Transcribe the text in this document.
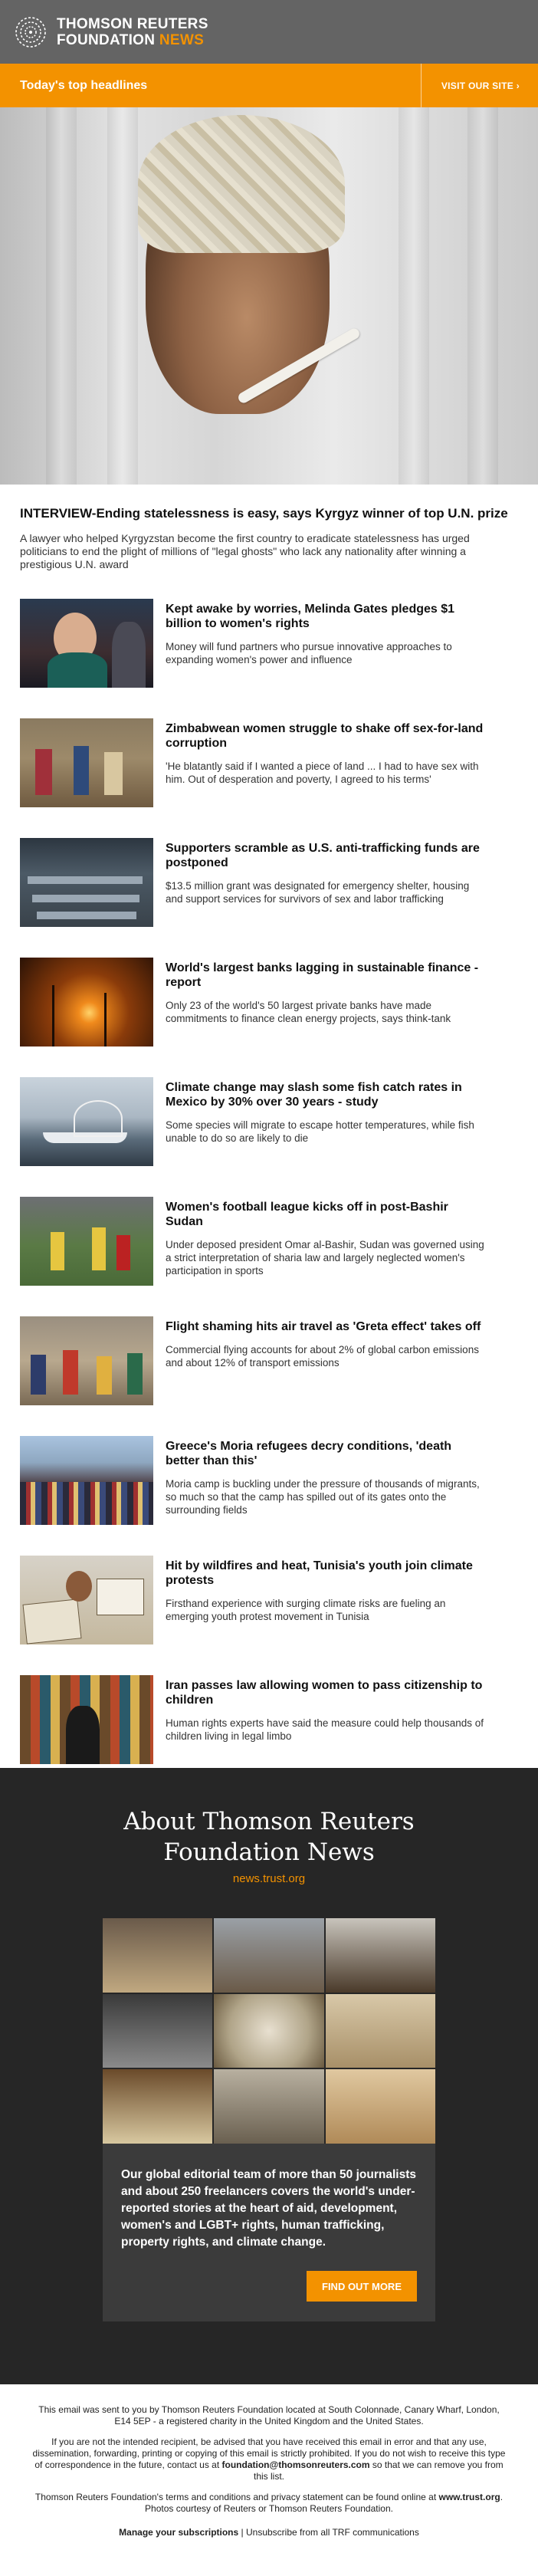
THOMSON REUTERS
FOUNDATION NEWS
Today's top headlines	VISIT OUR SITE ›
INTERVIEW-Ending statelessness is easy, says Kyrgyz winner of top U.N. prize

A lawyer who helped Kyrgyzstan become the first country to eradicate statelessness has urged politicians to end the plight of millions of "legal ghosts" who lack any nationality after winning a prestigious U.N. award

Kept awake by worries, Melinda Gates pledges $1 billion to women's rights

Money will fund partners who pursue innovative approaches to expanding women's power and influence

Zimbabwean women struggle to shake off sex-for-land corruption

'He blatantly said if I wanted a piece of land ... I had to have sex with him. Out of desperation and poverty, I agreed to his terms'

Supporters scramble as U.S. anti-trafficking funds are postponed

$13.5 million grant was designated for emergency shelter, housing and support services for survivors of sex and labor trafficking

World's largest banks lagging in sustainable finance - report

Only 23 of the world's 50 largest private banks have made commitments to finance clean energy projects, says think-tank

Climate change may slash some fish catch rates in Mexico by 30% over 30 years - study

Some species will migrate to escape hotter temperatures, while fish unable to do so are likely to die

Women's football league kicks off in post-Bashir Sudan

Under deposed president Omar al-Bashir, Sudan was governed using a strict interpretation of sharia law and largely neglected women's participation in sports

Flight shaming hits air travel as 'Greta effect' takes off

Commercial flying accounts for about 2% of global carbon emissions and about 12% of transport emissions

Greece's Moria refugees decry conditions, 'death better than this'

Moria camp is buckling under the pressure of thousands of migrants, so much so that the camp has spilled out of its gates onto the surrounding fields

Hit by wildfires and heat, Tunisia's youth join climate protests

Firsthand experience with surging climate risks are fueling an emerging youth protest movement in Tunisia

Iran passes law allowing women to pass citizenship to children

Human rights experts have said the measure could help thousands of children living in legal limbo

About Thomson Reuters
Foundation News
news.trust.org

Our global editorial team of more than 50 journalists and about 250 freelancers covers the world's under-reported stories at the heart of aid, development, women's and LGBT+ rights, human trafficking, property rights, and climate change.

FIND OUT MORE

This email was sent to you by Thomson Reuters Foundation located at South Colonnade, Canary Wharf, London, E14 5EP - a registered charity in the United Kingdom and the United States.

If you are not the intended recipient, be advised that you have received this email in error and that any use, dissemination, forwarding, printing or copying of this email is strictly prohibited. If you do not wish to receive this type of correspondence in the future, contact us at foundation@thomsonreuters.com so that we can remove you from this list.

Thomson Reuters Foundation's terms and conditions and privacy statement can be found online at www.trust.org. Photos courtesy of Reuters or Thomson Reuters Foundation.

Manage your subscriptions | Unsubscribe from all TRF communications
